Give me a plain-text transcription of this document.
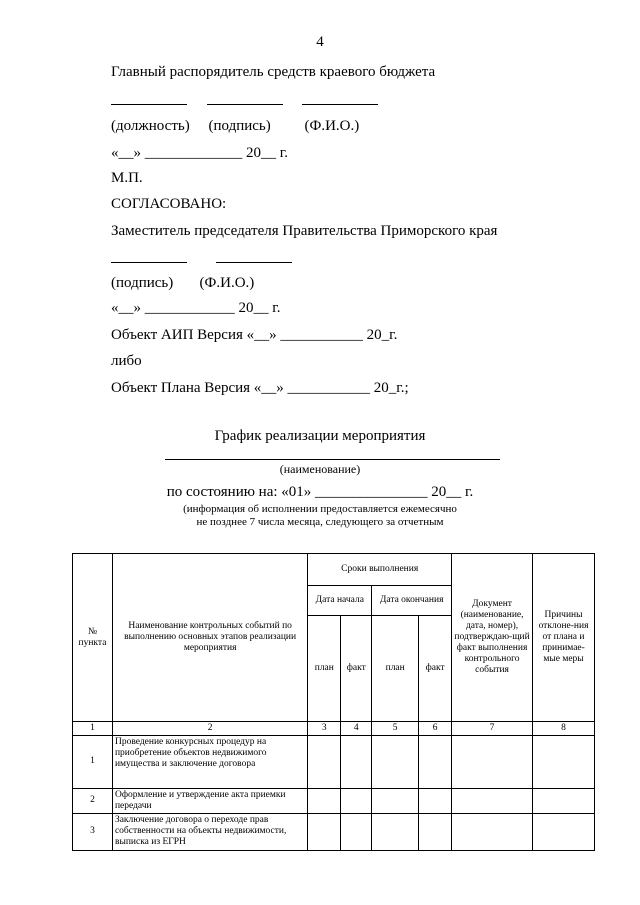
4
Главный распорядитель средств краевого бюджета
(должность)     (подпись)         (Ф.И.О.)
«__» _____________ 20__ г.
М.П.
СОГЛАСОВАНО:
Заместитель председателя Правительства Приморского края
(подпись)       (Ф.И.О.)
«__» ____________ 20__ г.
Объект АИП Версия «__» ___________ 20_г.
либо
Объект Плана Версия «__» ___________ 20_г.;
График реализации мероприятия
(наименование)
по состоянию на: «01» _______________ 20__ г.
(информация об исполнении предоставляется ежемесячно
не позднее 7 числа месяца, следующего за отчетным
№ пункта	Наименование контрольных событий по выполнению основных этапов реализации мероприятия	Сроки выполнения				Документ (наименование, дата, номер), подтверждаю-щий факт выполнения контрольного события	Причины отклоне-ния от плана и принимае-мые меры
		Дата начала		Дата окончания			
		план	факт	план	факт		
1	2	3	4	5	6	7	8
1	Проведение конкурсных процедур на приобретение объектов недвижимого имущества и заключение договора						
2	Оформление и утверждение акта приемки передачи						
3	Заключение договора о переходе прав собственности на объекты недвижимости, выписка из ЕГРН						
